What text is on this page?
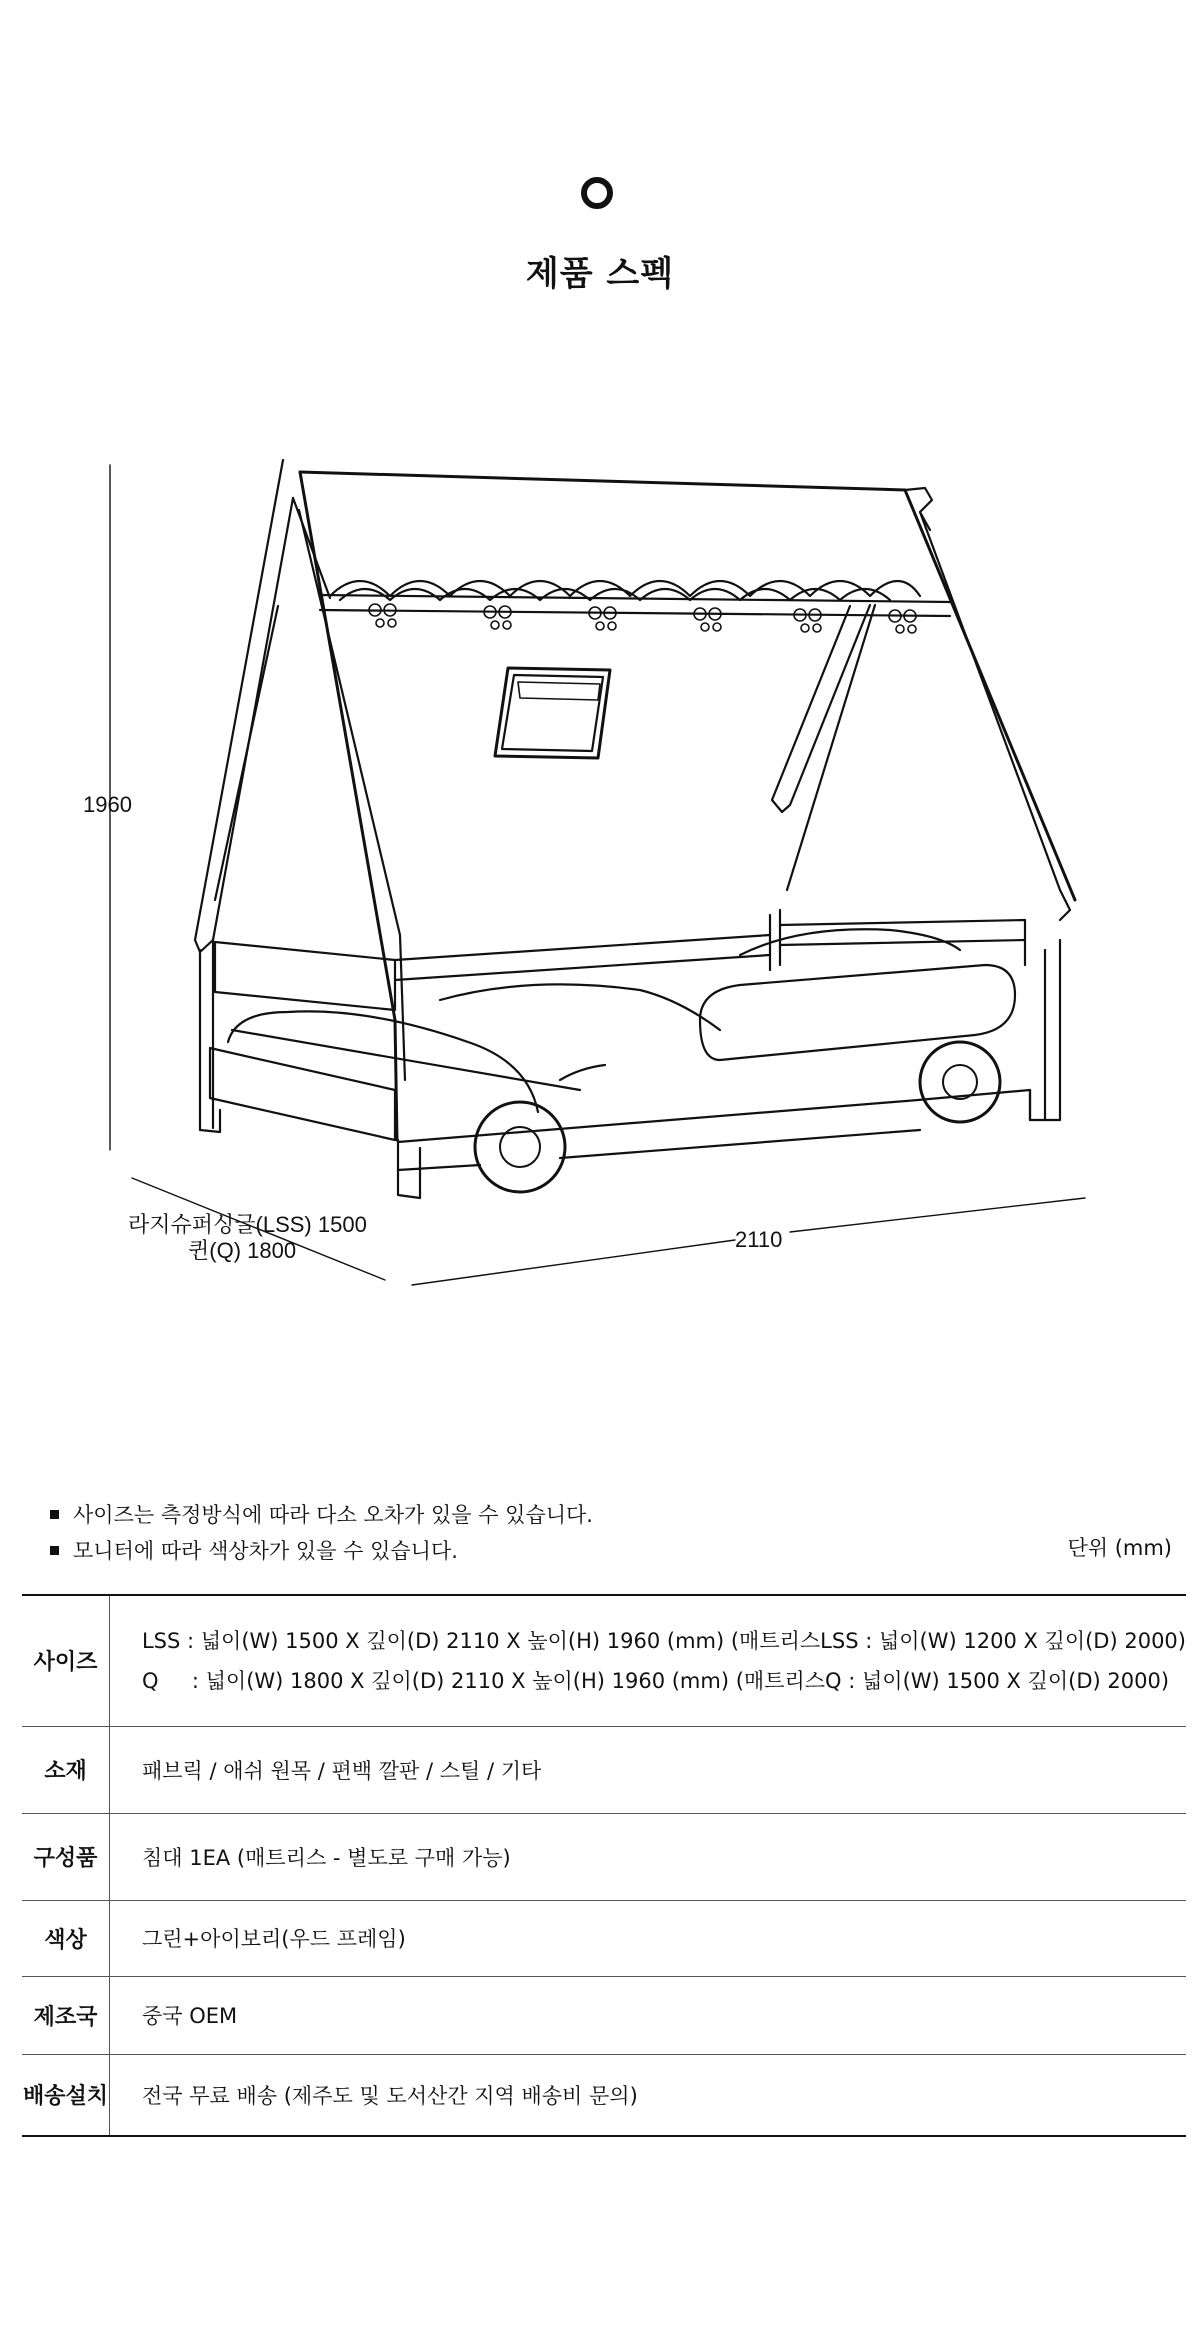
제품 스펙
1960
라지슈퍼싱글(LSS) 1500
퀸(Q) 1800	2110
사이즈는 측정방식에 따라 다소 오차가 있을 수 있습니다.
모니터에 따라 색상차가 있을 수 있습니다.	단위 (mm)
사이즈	LSS : 넓이(W) 1500 X 깊이(D) 2110 X 높이(H) 1960 (mm) (매트리스LSS : 넓이(W) 1200 X 깊이(D) 2000)
Q     : 넓이(W) 1800 X 깊이(D) 2110 X 높이(H) 1960 (mm) (매트리스Q : 넓이(W) 1500 X 깊이(D) 2000)

소재	패브릭 / 애쉬 원목 / 편백 깔판 / 스틸 / 기타
구성품	침대 1EA (매트리스 - 별도로 구매 가능)
색상	그린+아이보리(우드 프레임)
제조국	중국 OEM
배송설치	전국 무료 배송 (제주도 및 도서산간 지역 배송비 문의)
